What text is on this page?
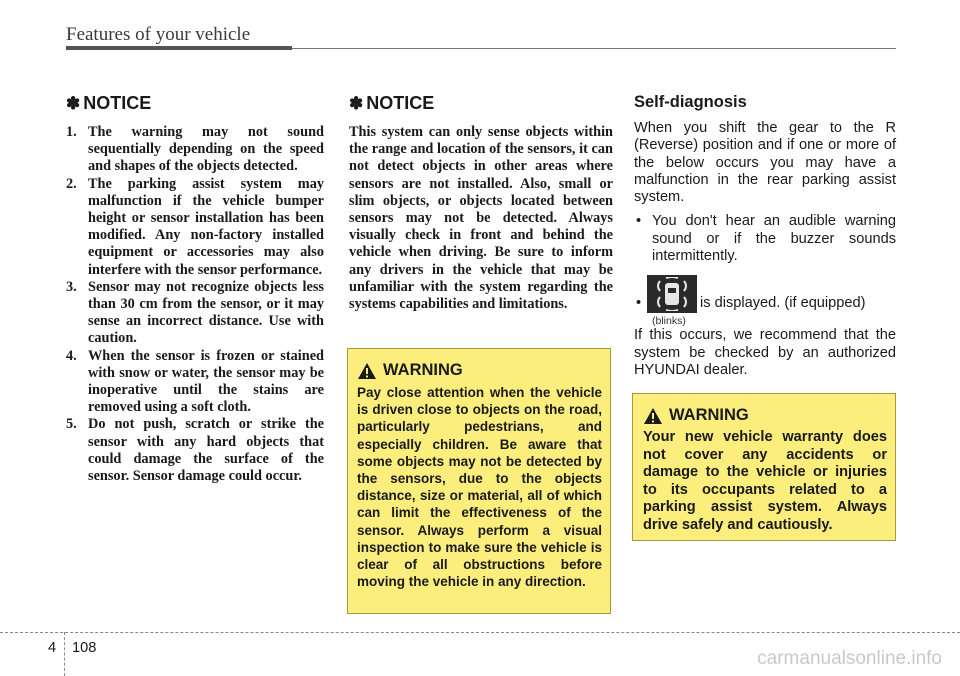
Features of your vehicle
✽ NOTICE
1. The warning may not sound sequentially depending on the speed and shapes of the objects detected.
2. The parking assist system may malfunction if the vehicle bumper height or sensor installation has been modified. Any non-factory installed equipment or accessories may also interfere with the sensor performance.
3. Sensor may not recognize objects less than 30 cm from the sensor, or it may sense an incorrect distance. Use with caution.
4. When the sensor is frozen or stained with snow or water, the sensor may be inoperative until the stains are removed using a soft cloth.
5. Do not push, scratch or strike the sensor with any hard objects that could damage the surface of the sensor. Sensor damage could occur.
✽ NOTICE

This system can only sense objects within the range and location of the sensors, it can not detect objects in other areas where sensors are not installed. Also, small or slim objects, or objects located between sensors may not be detected. Always visually check in front and behind the vehicle when driving. Be sure to inform any drivers in the vehicle that may be unfamiliar with the system regarding the systems capabilities and limitations.

WARNING

Pay close attention when the vehicle is driven close to objects on the road, particularly pedestrians, and especially children. Be aware that some objects may not be detected by the sensors, due to the objects distance, size or material, all of which can limit the effectiveness of the sensor. Always perform a visual inspection to make sure the vehicle is clear of all obstructions before moving the vehicle in any direction.

Self-diagnosis

When you shift the gear to the R (Reverse) position and if one or more of the below occurs you may have a malfunction in the rear parking assist system.

• You don't hear an audible warning sound or if the buzzer sounds intermittently.

•
(blinks)
is displayed. (if equipped)

If this occurs, we recommend that the system be checked by an authorized HYUNDAI dealer.

WARNING

Your new vehicle warranty does not cover any accidents or damage to the vehicle or injuries to its occupants related to a parking assist system. Always drive safely and cautiously.

4 108	carmanualsonline.info
